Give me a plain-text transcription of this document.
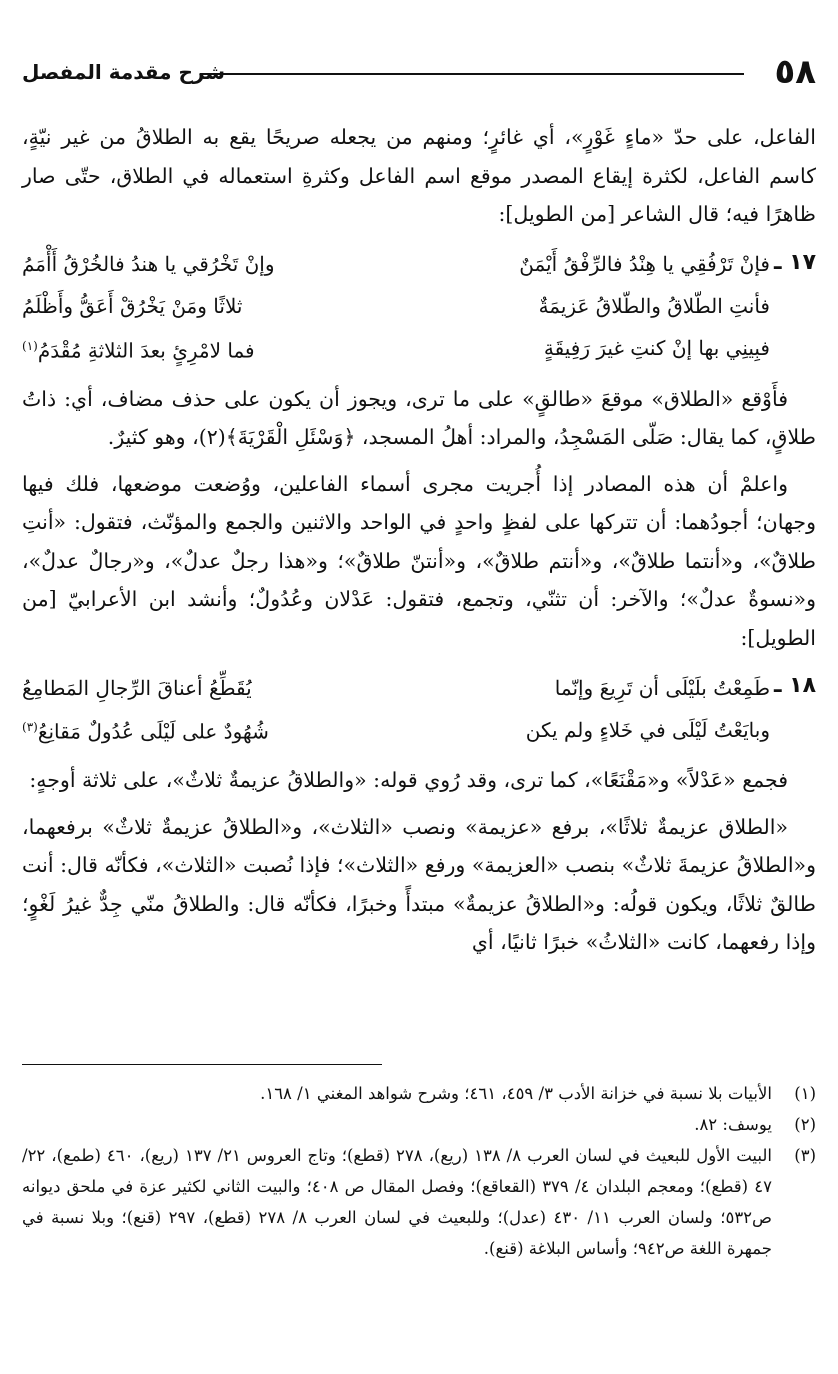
٥٨
شرح مقدمة المفصل

الفاعل، على حدّ «ماءٍ غَوْرٍ»، أي غائرٍ؛ ومنهم من يجعله صريحًا يقع به الطلاقُ من غير نيّةٍ، كاسم الفاعل، لكثرة إيقاع المصدر موقع اسم الفاعل وكثرةِ استعماله في الطلاق، حتّى صار ظاهرًا فيه؛ قال الشاعر [من الطويل]:

١٧ ـ
فإنْ تَرْفُقِي يا هِنْدُ فالرِّفْقُ أَيْمَنٌ
وإنْ تَخْرُقي يا هندُ فالخُرْقُ أَأْمَمُ
فأنتِ الطّلاقُ والطّلاقُ عَزيمَةٌ
ثلاثًا ومَنْ يَخْرُقْ أَعَقُّ وأَظْلَمُ
فبِينِي بها إنْ كنتِ غيرَ رَفِيقَةٍ
فما لامْرِئٍ بعدَ الثلاثةِ مُقْدَمُ$^{(١)}$

فأَوْقع «الطلاق» موقعَ «طالقٍ» على ما ترى، ويجوز أن يكون على حذف مضاف، أي: ذاتُ طلاقٍ، كما يقال: صَلّى المَسْجِدُ، والمراد: أهلُ المسجد، ﴿وَسْئَلِ الْقَرْيَةَ﴾(٢)، وهو كثيرٌ.

واعلمْ أن هذه المصادر إذا أُجريت مجرى أسماء الفاعلين، ووُضعت موضعها، فلك فيها وجهان؛ أجودُهما: أن تتركها على لفظٍ واحدٍ في الواحد والاثنين والجمع والمؤنّث، فتقول: «أنتِ طلاقٌ»، و«أنتما طلاقٌ»، و«أنتم طلاقٌ»، و«أنتنّ طلاقٌ»؛ و«هذا رجلٌ عدلٌ»، و«رجالٌ عدلٌ»، و«نسوةٌ عدلٌ»؛ والآخر: أن تثنّي، وتجمع، فتقول: عَدْلان وعُدُولٌ؛ وأنشد ابن الأعرابيّ [من الطويل]:

١٨ ـ
طَمِعْتُ بلَيْلَى أن تَرِيعَ وإنّما
يُقَطِّعُ أعناقَ الرِّجالِ المَطامِعُ
وبايَعْتُ لَيْلَى في خَلاءٍ ولم يكن
شُهُودٌ على لَيْلَى عُدُولٌ مَقانِعُ$^{(٣)}$

فجمع «عَدْلاً» و«مَقْنَعًا»، كما ترى، وقد رُوي قوله: «والطلاقُ عزيمةٌ ثلاثٌ»، على ثلاثة أوجهٍ:

«الطلاق عزيمةٌ ثلاثًا»، برفع «عزيمة» ونصب «الثلاث»، و«الطلاقُ عزيمةٌ ثلاثٌ» برفعهما، و«الطلاقُ عزيمةَ ثلاثٌ» بنصب «العزيمة» ورفع «الثلاث»؛ فإذا نُصبت «الثلاث»، فكأنّه قال: أنت طالقٌ ثلاثًا، ويكون قولُه: و«الطلاقُ عزيمةٌ» مبتدأً وخبرًا، فكأنّه قال: والطلاقُ منّي جِدٌّ غيرُ لَغْوٍ؛ وإذا رفعهما، كانت «الثلاثُ» خبرًا ثانيًا، أي

(١)
الأبيات بلا نسبة في خزانة الأدب ٣/ ٤٥٩، ٤٦١؛ وشرح شواهد المغني ١/ ١٦٨.
(٢)
يوسف: ٨٢.
(٣)
البيت الأول للبعيث في لسان العرب ٨/ ١٣٨ (ريع)، ٢٧٨ (قطع)؛ وتاج العروس ٢١/ ١٣٧ (ريع)، ٤٦٠ (طمع)، ٢٢/ ٤٧ (قطع)؛ ومعجم البلدان ٤/ ٣٧٩ (القعاقع)؛ وفصل المقال ص ٤٠٨؛ والبيت الثاني لكثير عزة في ملحق ديوانه ص٥٣٢؛ ولسان العرب ١١/ ٤٣٠ (عدل)؛ وللبعيث في لسان العرب ٨/ ٢٧٨ (قطع)، ٢٩٧ (قنع)؛ وبلا نسبة في جمهرة اللغة ص٩٤٢؛ وأساس البلاغة (قنع).
